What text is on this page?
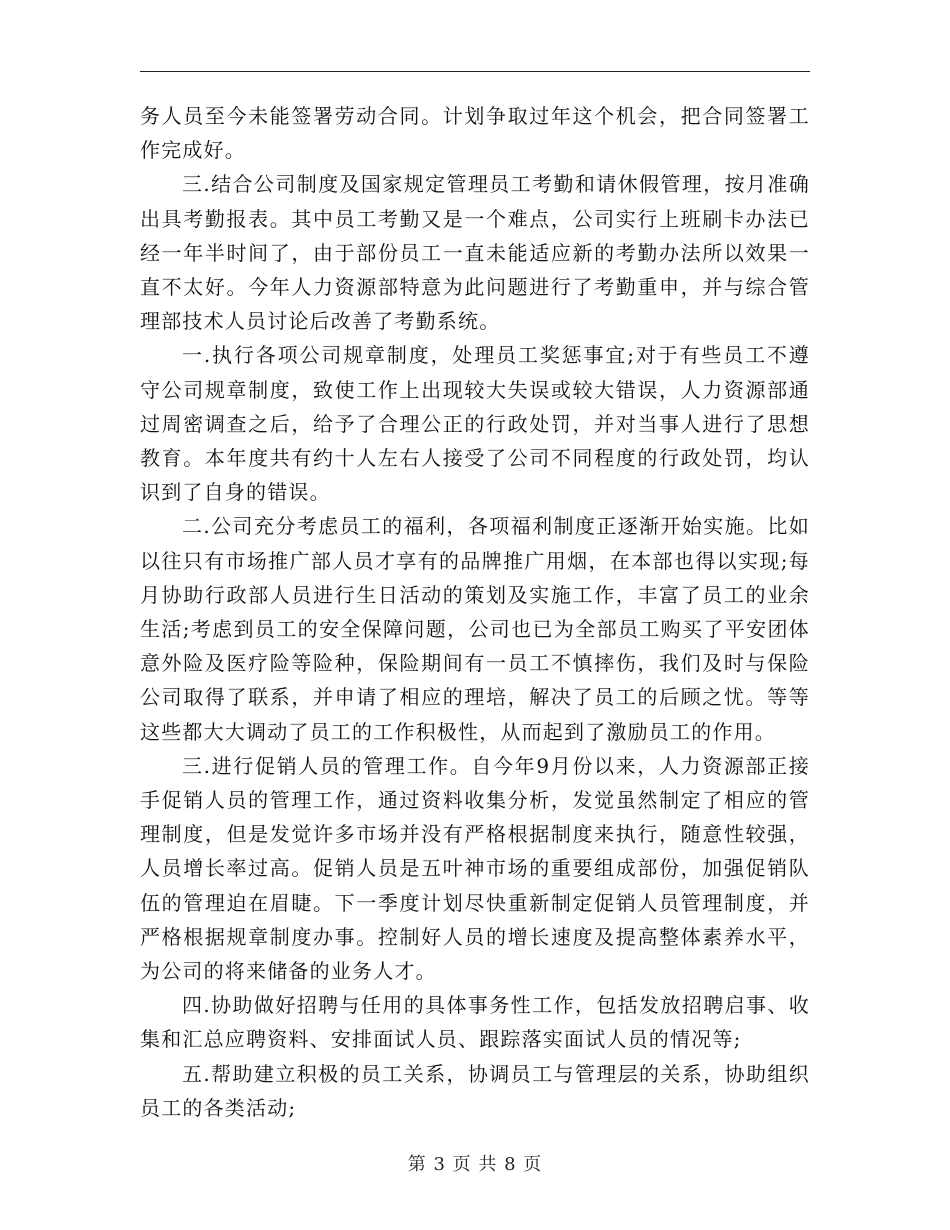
务人员至今未能签署劳动合同。计划争取过年这个机会，把合同签署工作完成好。

三.结合公司制度及国家规定管理员工考勤和请休假管理，按月准确出具考勤报表。其中员工考勤又是一个难点，公司实行上班刷卡办法已经一年半时间了，由于部份员工一直未能适应新的考勤办法所以效果一直不太好。今年人力资源部特意为此问题进行了考勤重申，并与综合管理部技术人员讨论后改善了考勤系统。

一.执行各项公司规章制度，处理员工奖惩事宜;对于有些员工不遵守公司规章制度，致使工作上出现较大失误或较大错误，人力资源部通过周密调查之后，给予了合理公正的行政处罚，并对当事人进行了思想教育。本年度共有约十人左右人接受了公司不同程度的行政处罚，均认识到了自身的错误。

二.公司充分考虑员工的福利，各项福利制度正逐渐开始实施。比如以往只有市场推广部人员才享有的品牌推广用烟，在本部也得以实现;每月协助行政部人员进行生日活动的策划及实施工作，丰富了员工的业余生活;考虑到员工的安全保障问题，公司也已为全部员工购买了平安团体意外险及医疗险等险种，保险期间有一员工不慎摔伤，我们及时与保险公司取得了联系，并申请了相应的理培，解决了员工的后顾之忧。等等这些都大大调动了员工的工作积极性，从而起到了激励员工的作用。

三.进行促销人员的管理工作。自今年9月份以来，人力资源部正接手促销人员的管理工作，通过资料收集分析，发觉虽然制定了相应的管理制度，但是发觉许多市场并没有严格根据制度来执行，随意性较强，人员增长率过高。促销人员是五叶神市场的重要组成部份，加强促销队伍的管理迫在眉睫。下一季度计划尽快重新制定促销人员管理制度，并严格根据规章制度办事。控制好人员的增长速度及提高整体素养水平，为公司的将来储备的业务人才。

四.协助做好招聘与任用的具体事务性工作，包括发放招聘启事、收集和汇总应聘资料、安排面试人员、跟踪落实面试人员的情况等;

五.帮助建立积极的员工关系，协调员工与管理层的关系，协助组织员工的各类活动;

第 3 页 共 8 页
